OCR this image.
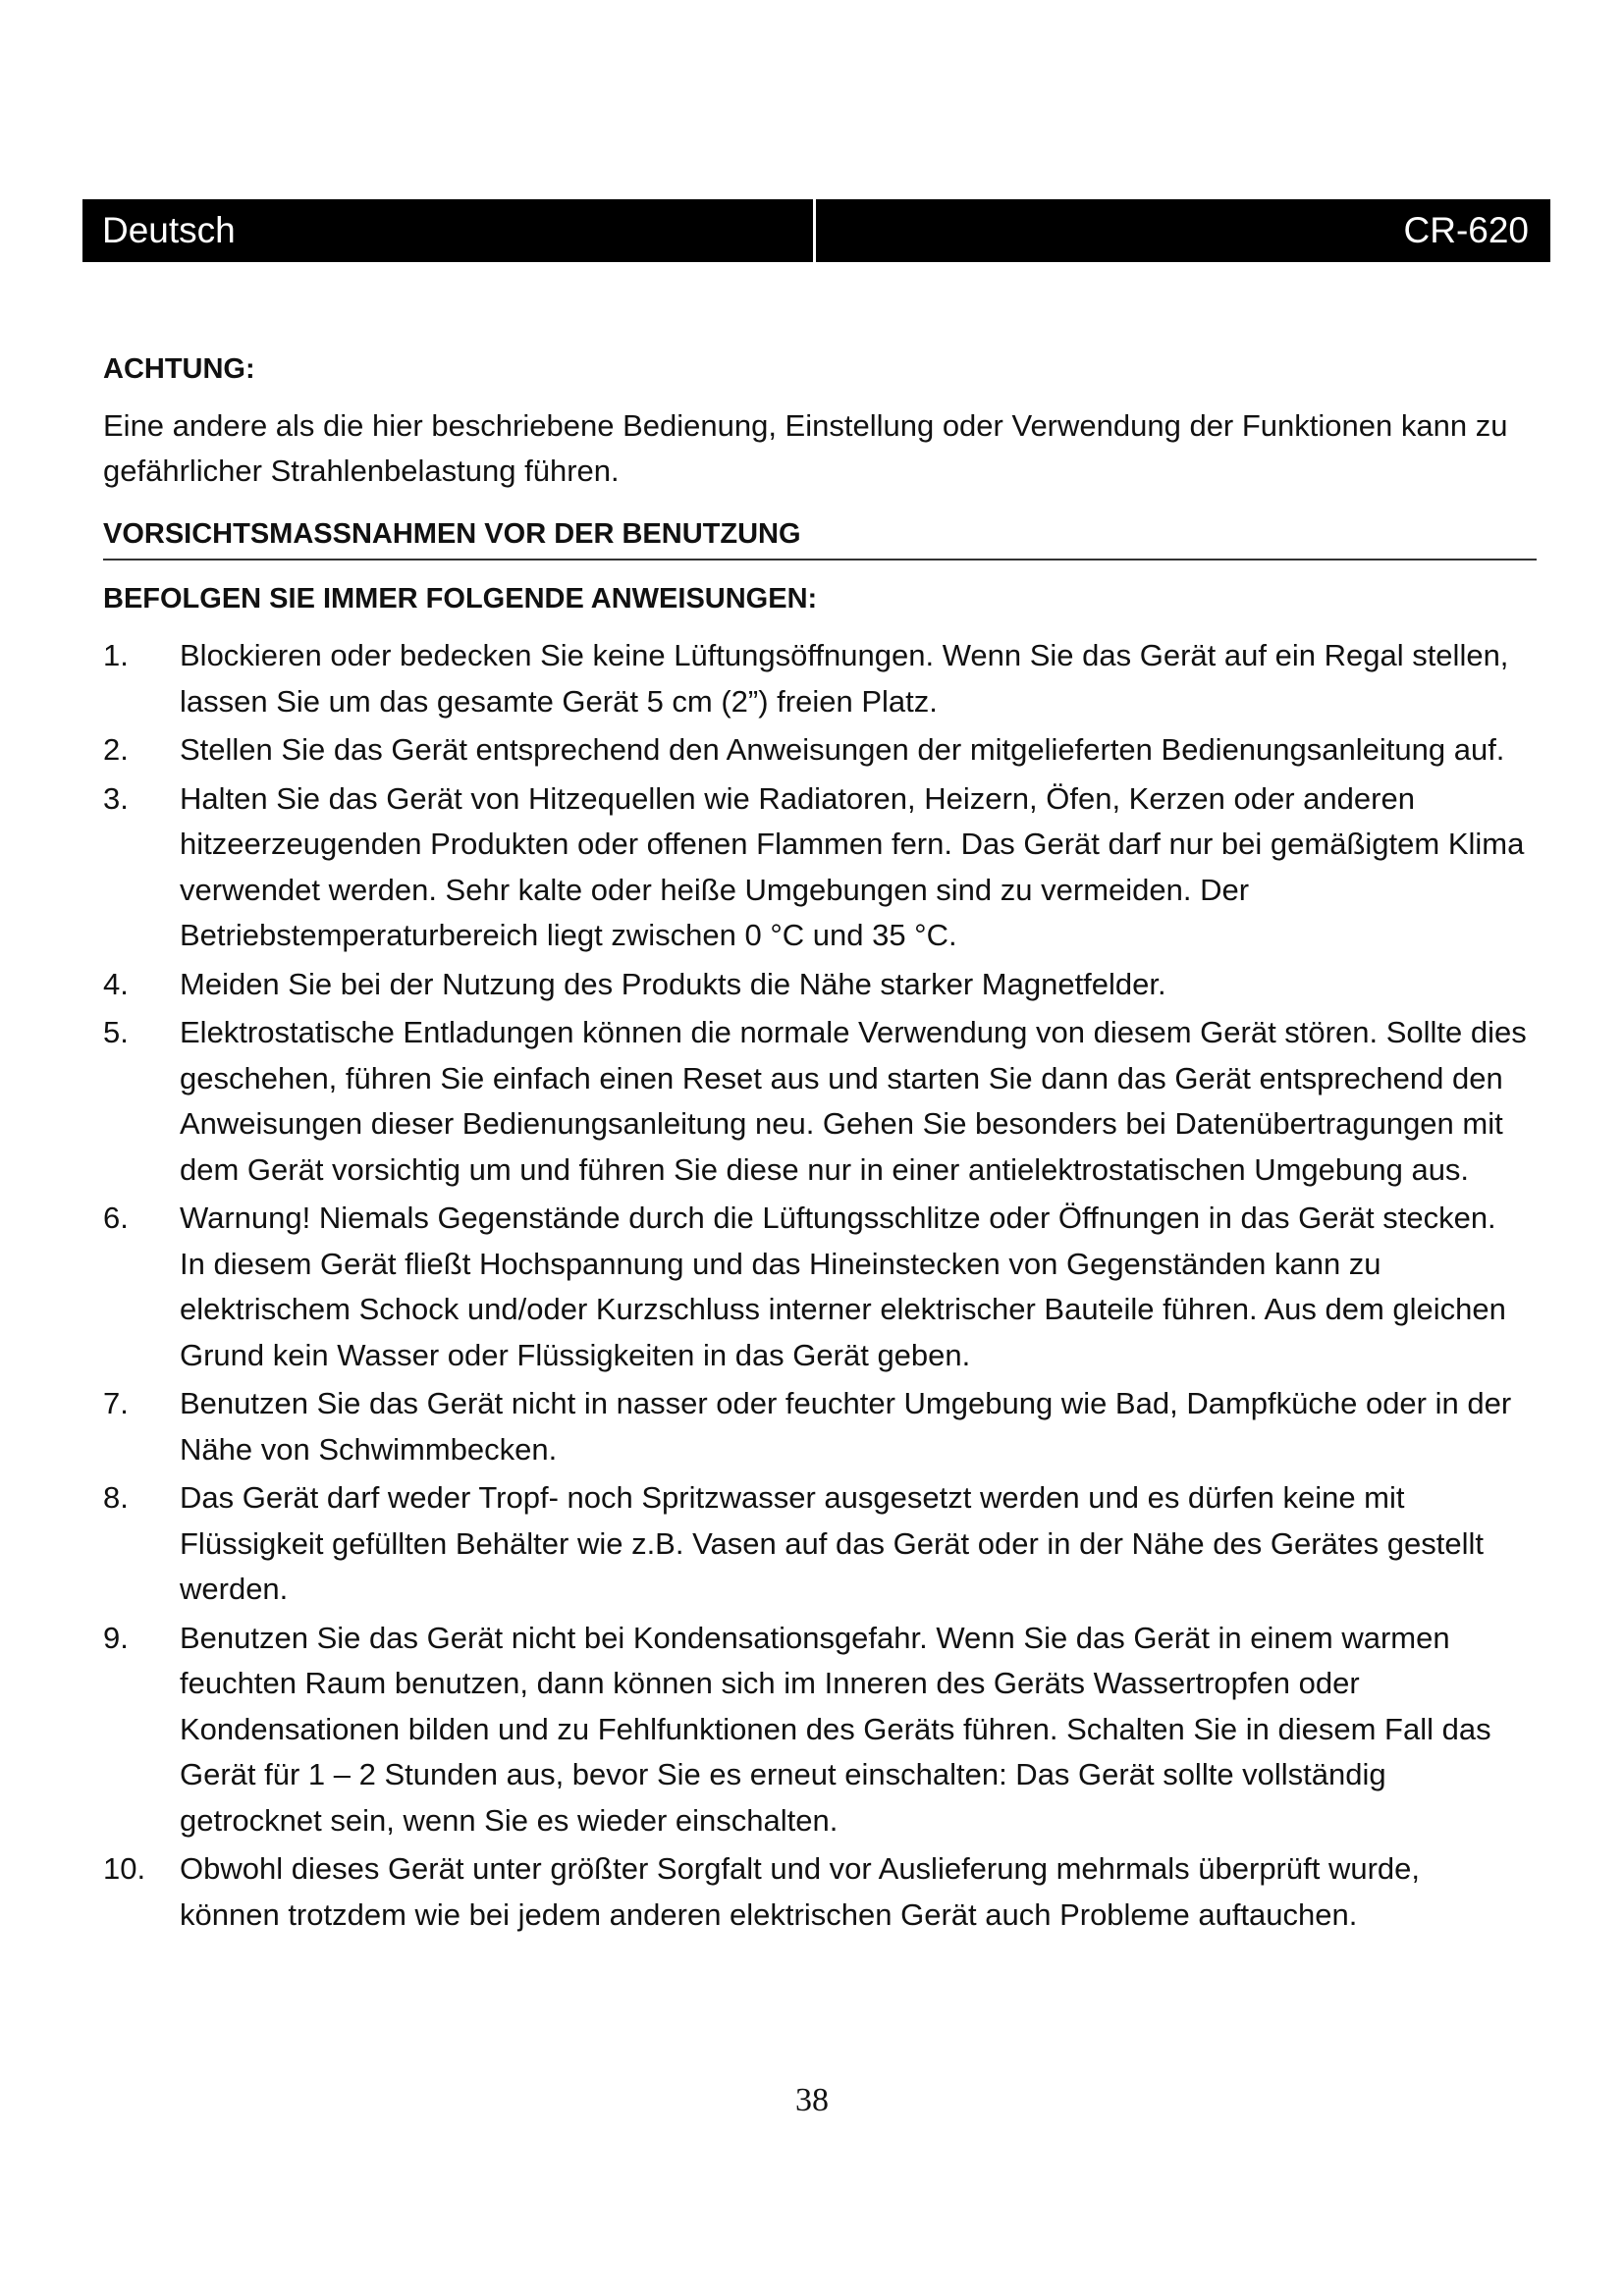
Deutsch	CR-620

ACHTUNG:

Eine andere als die hier beschriebene Bedienung, Einstellung oder Verwendung der Funktionen kann zu gefährlicher Strahlenbelastung führen.

VORSICHTSMASSNAHMEN VOR DER BENUTZUNG

BEFOLGEN SIE IMMER FOLGENDE ANWEISUNGEN:

1.	Blockieren oder bedecken Sie keine Lüftungsöffnungen. Wenn Sie das Gerät auf ein Regal stellen, lassen Sie um das gesamte Gerät 5 cm (2”) freien Platz.
2.	Stellen Sie das Gerät entsprechend den Anweisungen der mitgelieferten Bedienungsanleitung auf.
3.	Halten Sie das Gerät von Hitzequellen wie Radiatoren, Heizern, Öfen, Kerzen oder anderen hitzeerzeugenden Produkten oder offenen Flammen fern. Das Gerät darf nur bei gemäßigtem Klima verwendet werden. Sehr kalte oder heiße Umgebungen sind zu vermeiden. Der Betriebstemperaturbereich liegt zwischen 0 °C und 35 °C.
4.	Meiden Sie bei der Nutzung des Produkts die Nähe starker Magnetfelder.
5.	Elektrostatische Entladungen können die normale Verwendung von diesem Gerät stören. Sollte dies geschehen, führen Sie einfach einen Reset aus und starten Sie dann das Gerät entsprechend den Anweisungen dieser Bedienungsanleitung neu. Gehen Sie besonders bei Datenübertragungen mit dem Gerät vorsichtig um und führen Sie diese nur in einer antielektrostatischen Umgebung aus.
6.	Warnung! Niemals Gegenstände durch die Lüftungsschlitze oder Öffnungen in das Gerät stecken. In diesem Gerät fließt Hochspannung und das Hineinstecken von Gegenständen kann zu elektrischem Schock und/oder Kurzschluss interner elektrischer Bauteile führen. Aus dem gleichen Grund kein Wasser oder Flüssigkeiten in das Gerät geben.
7.	Benutzen Sie das Gerät nicht in nasser oder feuchter Umgebung wie Bad, Dampfküche oder in der Nähe von Schwimmbecken.
8.	Das Gerät darf weder Tropf- noch Spritzwasser ausgesetzt werden und es dürfen keine mit Flüssigkeit gefüllten Behälter wie z.B. Vasen auf das Gerät oder in der Nähe des Gerätes gestellt werden.
9.	Benutzen Sie das Gerät nicht bei Kondensationsgefahr. Wenn Sie das Gerät in einem warmen feuchten Raum benutzen, dann können sich im Inneren des Geräts Wassertropfen oder Kondensationen bilden und zu Fehlfunktionen des Geräts führen. Schalten Sie in diesem Fall das Gerät für 1 – 2 Stunden aus, bevor Sie es erneut einschalten: Das Gerät sollte vollständig getrocknet sein, wenn Sie es wieder einschalten.
10.	Obwohl dieses Gerät unter größter Sorgfalt und vor Auslieferung mehrmals überprüft wurde, können trotzdem wie bei jedem anderen elektrischen Gerät auch Probleme auftauchen.
38
